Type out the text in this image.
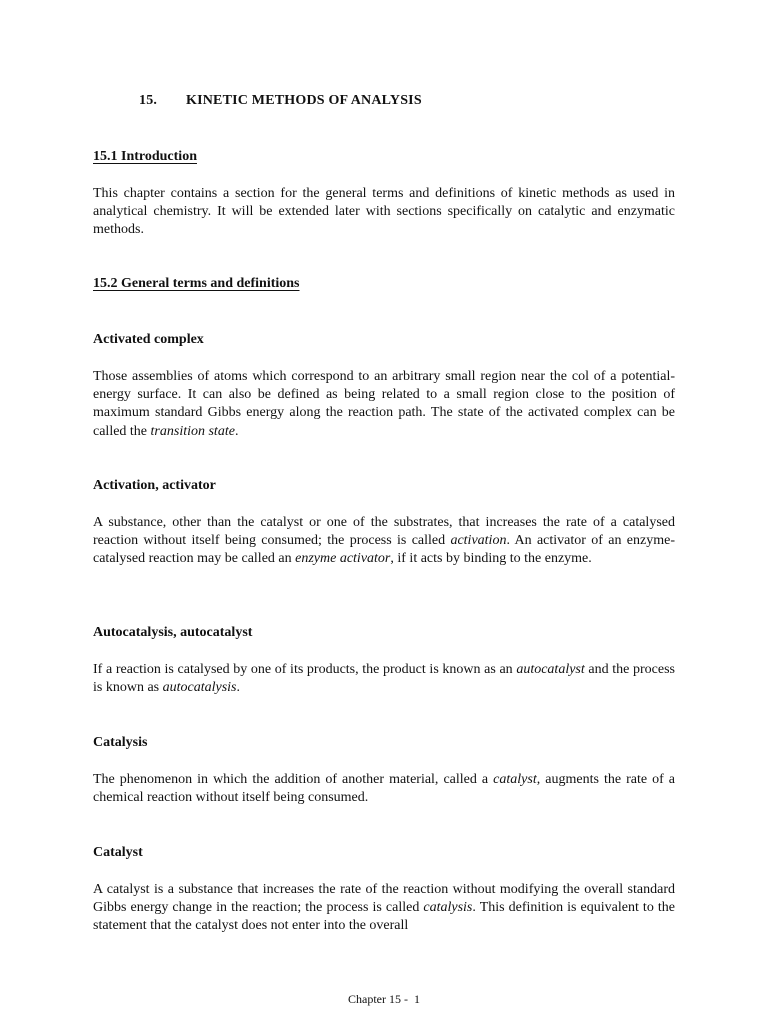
15. KINETIC METHODS OF ANALYSIS
15.1 Introduction
This chapter contains a section for the general terms and definitions of kinetic methods as used in analytical chemistry. It will be extended later with sections specifically on catalytic and enzymatic methods.
15.2 General terms and definitions
Activated complex
Those assemblies of atoms which correspond to an arbitrary small region near the col of a potential-energy surface. It can also be defined as being related to a small region close to the position of maximum standard Gibbs energy along the reaction path. The state of the activated complex can be called the transition state.
Activation, activator
A substance, other than the catalyst or one of the substrates, that increases the rate of a catalysed reaction without itself being consumed; the process is called activation. An activator of an enzyme-catalysed reaction may be called an enzyme activator, if it acts by binding to the enzyme.
Autocatalysis, autocatalyst
If a reaction is catalysed by one of its products, the product is known as an autocatalyst and the process is known as autocatalysis.
Catalysis
The phenomenon in which the addition of another material, called a catalyst, augments the rate of a chemical reaction without itself being consumed.
Catalyst
A catalyst is a substance that increases the rate of the reaction without modifying the overall standard Gibbs energy change in the reaction; the process is called catalysis. This definition is equivalent to the statement that the catalyst does not enter into the overall
Chapter 15 -  1
